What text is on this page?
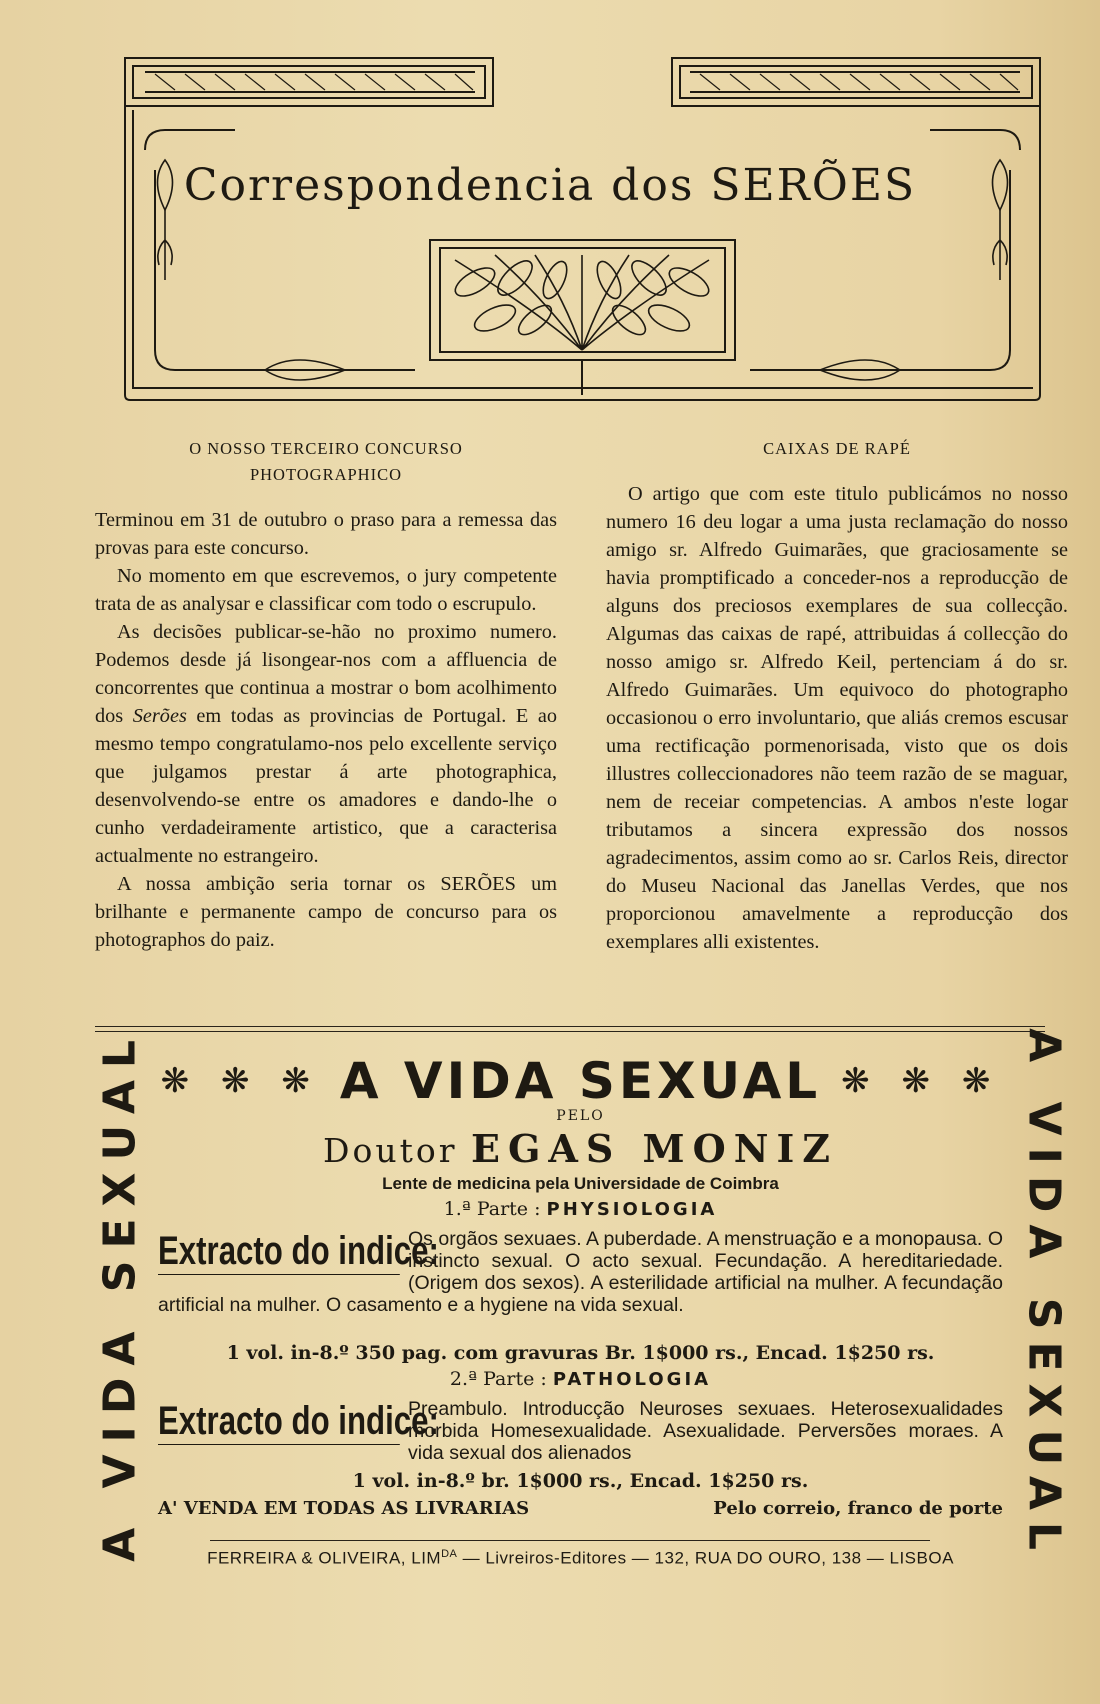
Correspondencia dos SERÕES
O NOSSO TERCEIRO CONCURSO
PHOTOGRAPHICO

Terminou em 31 de outubro o praso para a remessa das provas para este concurso.

No momento em que escrevemos, o jury competente trata de as analysar e classificar com todo o escrupulo.

As decisões publicar-se-hão no proximo numero. Podemos desde já lisongear-nos com a affluencia de concorrentes que continua a mostrar o bom acolhimento dos Serões em todas as provincias de Portugal. E ao mesmo tempo congratulamo-nos pelo excellente serviço que julgamos prestar á arte photographica, desenvolvendo-se entre os amadores e dando-lhe o cunho verdadeiramente artistico, que a caracterisa actualmente no estrangeiro.

A nossa ambição seria tornar os SERÕES um brilhante e permanente campo de concurso para os photographos do paiz.

CAIXAS DE RAPÉ

O artigo que com este titulo publicámos no nosso numero 16 deu logar a uma justa reclamação do nosso amigo sr. Alfredo Guimarães, que graciosamente se havia promptificado a conceder-nos a reproducção de alguns dos preciosos exemplares de sua collecção. Algumas das caixas de rapé, attribuidas á collecção do nosso amigo sr. Alfredo Keil, pertenciam á do sr. Alfredo Guimarães. Um equivoco do photographo occasionou o erro involuntario, que aliás cremos escusar uma rectificação pormenorisada, visto que os dois illustres colleccionadores não teem razão de se maguar, nem de receiar competencias. A ambos n'este logar tributamos a sincera expressão dos nossos agradecimentos, assim como ao sr. Carlos Reis, director do Museu Nacional das Janellas Verdes, que nos proporcionou amavelmente a reproducção dos exemplares alli existentes.

A VIDA SEXUAL	A VIDA SEXUAL
❋ ❋ ❋ A VIDA SEXUAL ❋ ❋ ❋
PELO
Doutor EGAS MONIZ
Lente de medicina pela Universidade de Coimbra
1.ª Parte : PHYSIOLOGIA
Extracto do indice:
Os orgãos sexuaes. A puberdade. A menstruação e a monopausa. O instincto sexual. O acto sexual. Fecundação. A hereditariedade. (Origem dos sexos). A esterilidade artificial na mulher. A fecundação artificial na mulher. O casamento e a hygiene na vida sexual.
1 vol. in-8.º 350 pag. com gravuras Br. 1$000 rs., Encad. 1$250 rs.
2.ª Parte : PATHOLOGIA
Extracto do indice:
Preambulo. Introducção Neuroses sexuaes. Heterosexualidades morbida Homesexualidade. Asexualidade. Perversões moraes. A vida sexual dos alienados
1 vol. in-8.º br. 1$000 rs., Encad. 1$250 rs.
A' VENDA EM TODAS AS LIVRARIAS	Pelo correio, franco de porte
FERREIRA & OLIVEIRA, $LIM^{DA}$ — Livreiros-Editores — 132, RUA DO OURO, 138 — LISBOA
